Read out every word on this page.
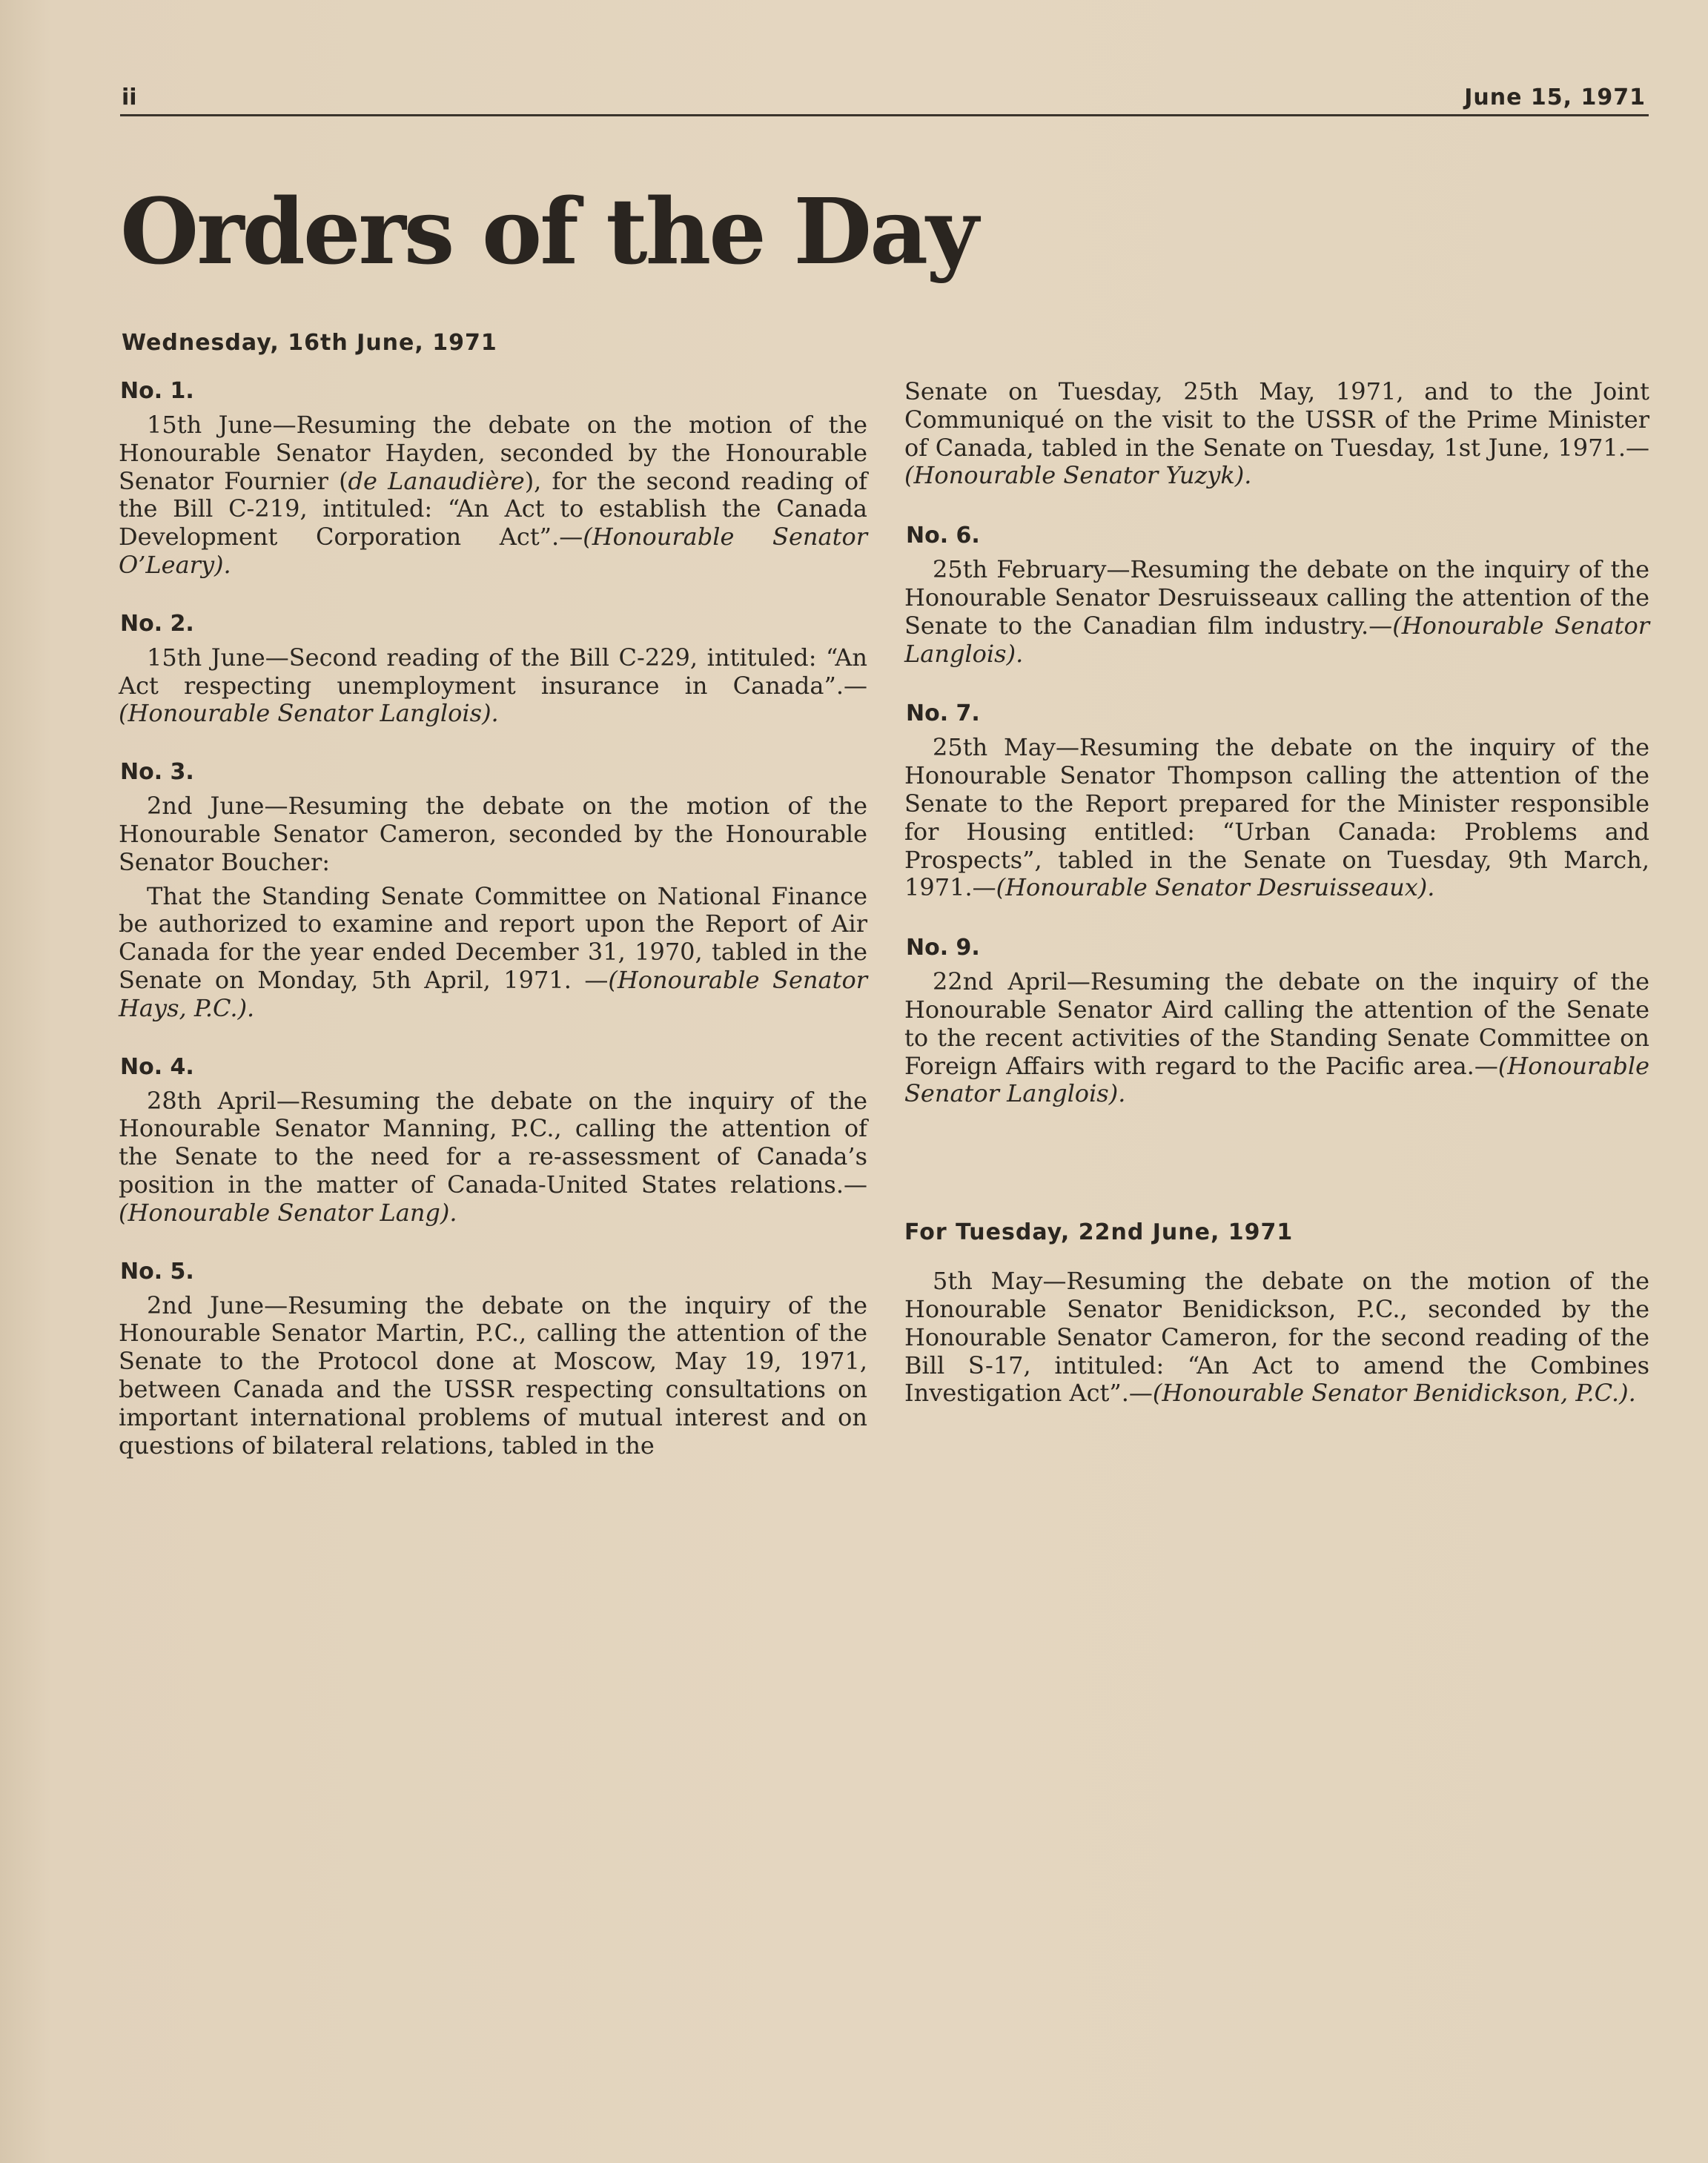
ii	June 15, 1971
Orders of the Day
Wednesday, 16th June, 1971
No. 1.

15th June—Resuming the debate on the motion of the Honourable Senator Hayden, seconded by the Honourable Senator Fournier (de Lanaudière), for the second reading of the Bill C-219, intituled: “An Act to establish the Canada Development Corporation Act”.—(Honourable Senator O’Leary).

No. 2.

15th June—Second reading of the Bill C-229, intituled: “An Act respecting unemployment insurance in Canada”.—(Honourable Senator Langlois).

No. 3.

2nd June—Resuming the debate on the motion of the Honourable Senator Cameron, seconded by the Honourable Senator Boucher:

That the Standing Senate Committee on National Finance be authorized to examine and report upon the Report of Air Canada for the year ended December 31, 1970, tabled in the Senate on Monday, 5th April, 1971. —(Honourable Senator Hays, P.C.).

No. 4.

28th April—Resuming the debate on the inquiry of the Honourable Senator Manning, P.C., calling the attention of the Senate to the need for a re-assessment of Canada’s position in the matter of Canada-United States relations.—(Honourable Senator Lang).

No. 5.

2nd June—Resuming the debate on the inquiry of the Honourable Senator Martin, P.C., calling the attention of the Senate to the Protocol done at Moscow, May 19, 1971, between Canada and the USSR respecting consultations on important international problems of mutual interest and on questions of bilateral relations, tabled in the

Senate on Tuesday, 25th May, 1971, and to the Joint Communiqué on the visit to the USSR of the Prime Minister of Canada, tabled in the Senate on Tuesday, 1st June, 1971.—(Honourable Senator Yuzyk).

No. 6.

25th February—Resuming the debate on the inquiry of the Honourable Senator Desruisseaux calling the attention of the Senate to the Canadian film industry.—(Honourable Senator Langlois).

No. 7.

25th May—Resuming the debate on the inquiry of the Honourable Senator Thompson calling the attention of the Senate to the Report prepared for the Minister responsible for Housing entitled: “Urban Canada: Problems and Prospects”, tabled in the Senate on Tuesday, 9th March, 1971.—(Honourable Senator Desruisseaux).

No. 9.

22nd April—Resuming the debate on the inquiry of the Honourable Senator Aird calling the attention of the Senate to the recent activities of the Standing Senate Committee on Foreign Affairs with regard to the Pacific area.—(Honourable Senator Langlois).

For Tuesday, 22nd June, 1971

5th May—Resuming the debate on the motion of the Honourable Senator Benidickson, P.C., seconded by the Honourable Senator Cameron, for the second reading of the Bill S-17, intituled: “An Act to amend the Combines Investigation Act”.—(Honourable Senator Benidickson, P.C.).
